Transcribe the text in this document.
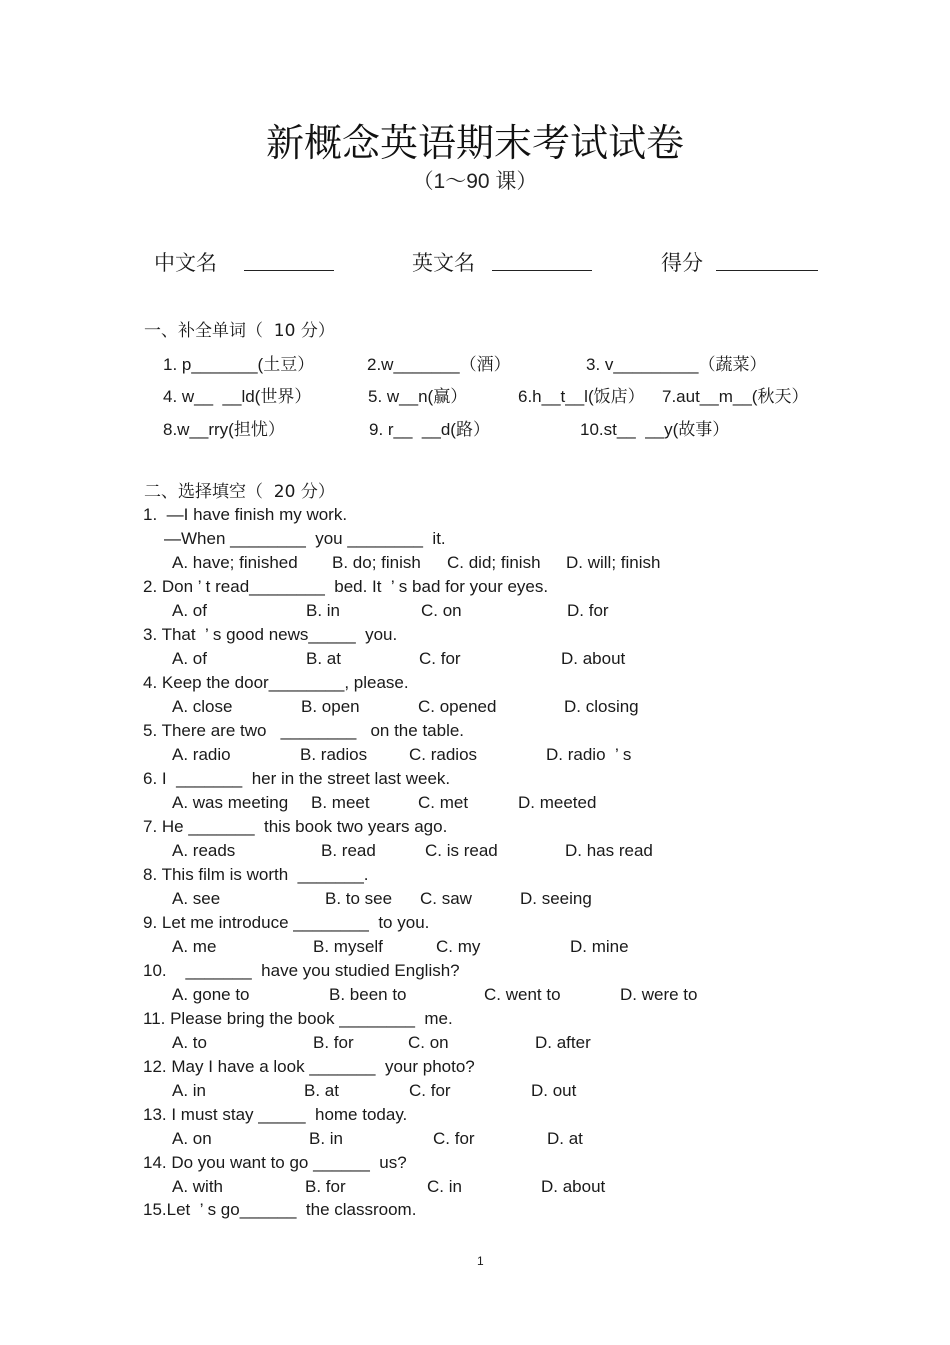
新概念英语期末考试试卷
（1～90 课）
中文名	英文名	得分
一、补全单词（  10 分）
1. p_______(土豆）	2.w_______（酒）	3. v_________（蔬菜）
4. w__  __ld(世界）	5. w__n(赢）	6.h__t__l(饭店） 7.aut__m__(秋天）
8.w__rry(担忧）	9. r__  __d(路）	10.st__  __y(故事）
二、选择填空（  20 分）
1.  —I have finish my work.
—When ________  you ________  it.
A. have; finished B. do; finish C. did; finish D. will; finish
2. Don ’ t read________  bed. It  ’ s bad for your eyes.
A. of	B. in	C. on	D. for
3. That  ’ s good news_____  you.
A. of	B. at	C. for	D. about
4. Keep the door________, please.
A. close	B. open	C. opened	D. closing
5. There are two   ________   on the table.
A. radio	B. radios C. radios	D. radio  ’ s
6. I  _______  her in the street last week.
A. was meeting B. meet	C. met	D. meeted
7. He _______  this book two years ago.
A. reads	B. read	C. is read	D. has read
8. This film is worth  _______.
A. see	B. to see C. saw	D. seeing
9. Let me introduce ________  to you.
A. me	B. myself	C. my	D. mine
10.    _______  have you studied English?
A. gone to	B. been to	C. went to	D. were to
11. Please bring the book ________  me.
A. to	B. for	C. on	D. after
12. May I have a look _______  your photo?
A. in	B. at	C. for	D. out
13. I must stay _____  home today.
A. on	B. in	C. for	D. at
14. Do you want to go ______  us?
A. with	B. for	C. in	D. about
15.Let  ’ s go______  the classroom.
1
